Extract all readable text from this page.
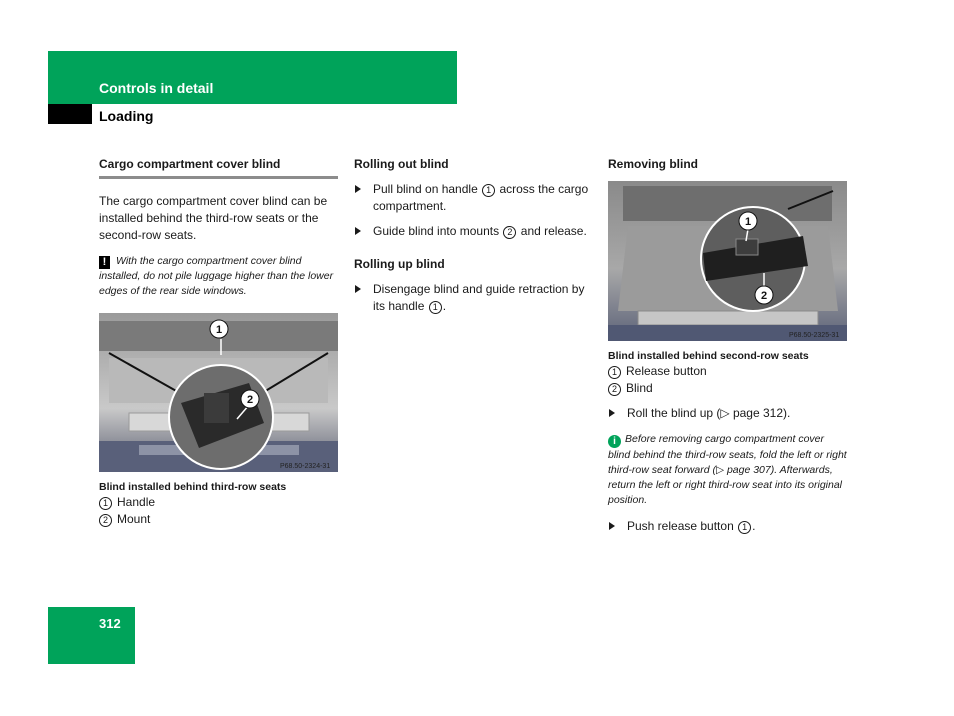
Controls in detail
Loading

Cargo compartment cover blind

The cargo compartment cover blind can be installed behind the third-row seats or the second-row seats.

! With the cargo compartment cover blind installed, do not pile luggage higher than the lower edges of the rear side windows.

1
2
P68.50-2324-31

Blind installed behind third-row seats

1 Handle

2 Mount

Rolling out blind

Pull blind on handle 1 across the cargo compartment.

Guide blind into mounts 2 and release.

Rolling up blind

Disengage blind and guide retraction by its handle 1 .

Removing blind

1
2
P68.50-2325-31

Blind installed behind second-row seats

1 Release button

2 Blind

Roll the blind up (▷ page 312).

i Before removing cargo compartment cover blind behind the third-row seats, fold the left or right third-row seat forward (▷ page 307). Afterwards, return the left or right third-row seat into its original position.

Push release button 1 .

312
